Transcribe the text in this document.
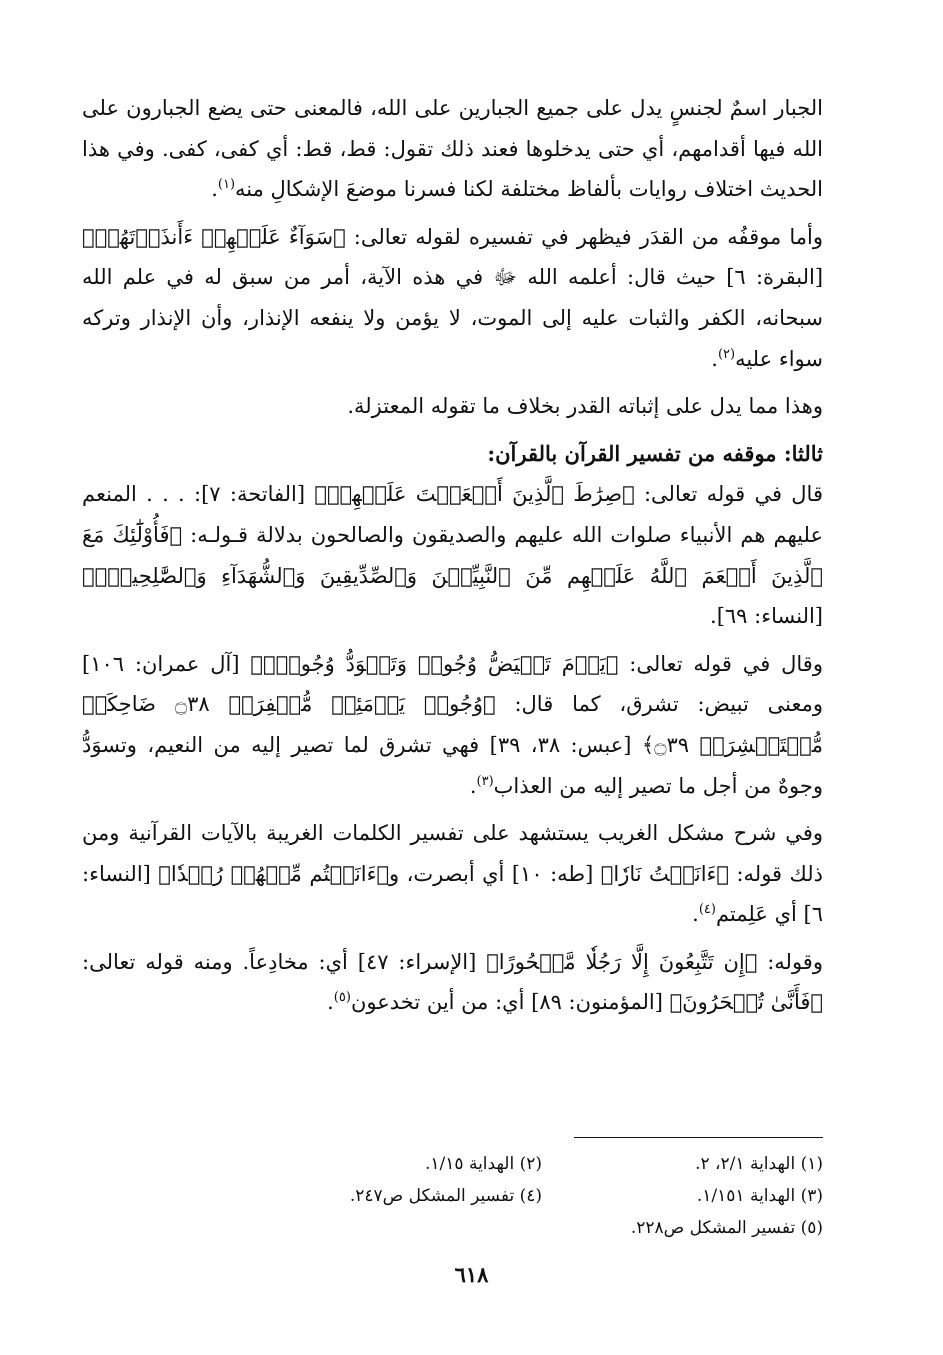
الجبار اسمٌ لجنسٍ يدل على جميع الجبارين على الله، فالمعنى حتى يضع الجبارون على الله فيها أقدامهم، أي حتى يدخلوها فعند ذلك تقول: قط، قط: أي كفى، كفى. وفي هذا الحديث اختلاف روايات بألفاظ مختلفة لكنا فسرنا موضعَ الإشكالِ منه$^{(١)}$.

وأما موقفُه من القدَر فيظهر في تفسيره لقوله تعالى: ﴿سَوَآءٌ عَلَيۡهِمۡ ءَأَنذَرۡتَهُمۡ﴾ [البقرة: ٦] حيث قال: أعلمه الله ﷻ في هذه الآية، أمر من سبق له في علم الله سبحانه، الكفر والثبات عليه إلى الموت، لا يؤمن ولا ينفعه الإنذار، وأن الإنذار وتركه سواء عليه$^{(٢)}$.

وهذا مما يدل على إثباته القدر بخلاف ما تقوله المعتزلة.

ثالثا: موقفه من تفسير القرآن بالقرآن:

قال في قوله تعالى: ﴿صِرَٰطَ ٱلَّذِينَ أَنۡعَمۡتَ عَلَيۡهِمۡ﴾ [الفاتحة: ٧]: . . . المنعم عليهم هم الأنبياء صلوات الله عليهم والصديقون والصالحون بدلالة قـولـه: ﴿فَأُوْلَٰٓئِكَ مَعَ ٱلَّذِينَ أَنۡعَمَ ٱللَّهُ عَلَيۡهِم مِّنَ ٱلنَّبِيِّـۧنَ وَٱلصِّدِّيقِينَ وَٱلشُّهَدَآءِ وَٱلصَّٰلِحِينَۚ﴾ [النساء: ٦٩].

وقال في قوله تعالى: ﴿يَوۡمَ تَبۡيَضُّ وُجُوهٞ وَتَسۡوَدُّ وُجُوهٞۚ﴾ [آل عمران: ١٠٦] ومعنى تبيض: تشرق، كما قال: ﴿وُجُوهٞ يَوۡمَئِذٖ مُّسۡفِرَةٞ ۝٣٨ ضَاحِكَةٞ مُّسۡتَبۡشِرَةٞ ۝٣٩﴾ [عبس: ٣٨، ٣٩] فهي تشرق لما تصير إليه من النعيم، وتسوَدُّ وجوهٌ من أجل ما تصير إليه من العذاب$^{(٣)}$.

وفي شرح مشكل الغريب يستشهد على تفسير الكلمات الغريبة بالآيات القرآنية ومن ذلك قوله: ﴿ءَانَسۡتُ نَارٗا﴾ [طه: ١٠] أي أبصرت، و﴿ءَانَسۡتُم مِّنۡهُمۡ رُشۡدٗا﴾ [النساء: ٦] أي عَلِمتم$^{(٤)}$.

وقوله: ﴿إِن تَتَّبِعُونَ إِلَّا رَجُلٗا مَّسۡحُورًا﴾ [الإسراء: ٤٧] أي: مخادِعاً. ومنه قوله تعالى: ﴿فَأَنَّىٰ تُسۡحَرُونَ﴾ [المؤمنون: ٨٩] أي: من أين تخدعون$^{(٥)}$.

(١) الهداية ٢/١، ٢.
(٢) الهداية ١/١٥.
(٣) الهداية ١/١٥١.
(٤) تفسير المشكل ص٢٤٧.
(٥) تفسير المشكل ص٢٢٨.
٦١٨
